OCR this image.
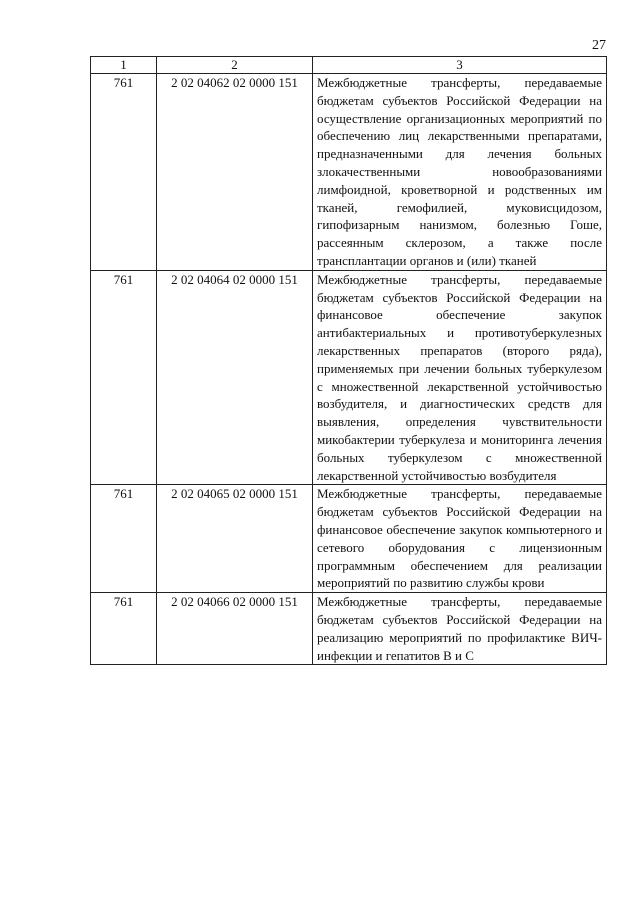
27
1	2	3
761	2 02 04062 02 0000 151	Межбюджетные трансферты, передаваемые бюджетам субъектов Российской Федерации на осуществление организационных мероприятий по обеспечению лиц лекарственными препаратами, предназначенными для лечения больных злокачественными новообразованиями лимфоидной, кроветворной и родственных им тканей, гемофилией, муковисцидозом, гипофизарным нанизмом, болезнью Гоше, рассеянным склерозом, а также после трансплантации органов и (или) тканей
761	2 02 04064 02 0000 151	Межбюджетные трансферты, передаваемые бюджетам субъектов Российской Федерации на финансовое обеспечение закупок антибактериальных и противотуберкулезных лекарственных препаратов (второго ряда), применяемых при лечении больных туберкулезом с множественной лекарственной устойчивостью возбудителя, и диагностических средств для выявления, определения чувствительности микобактерии туберкулеза и мониторинга лечения больных туберкулезом с множественной лекарственной устойчивостью возбудителя
761	2 02 04065 02 0000 151	Межбюджетные трансферты, передаваемые бюджетам субъектов Российской Федерации на финансовое обеспечение закупок компьютерного и сетевого оборудования с лицензионным программным обеспечением для реализации мероприятий по развитию службы крови
761	2 02 04066 02 0000 151	Межбюджетные трансферты, передаваемые бюджетам субъектов Российской Федерации на реализацию мероприятий по профилактике ВИЧ-инфекции и гепатитов В и С
